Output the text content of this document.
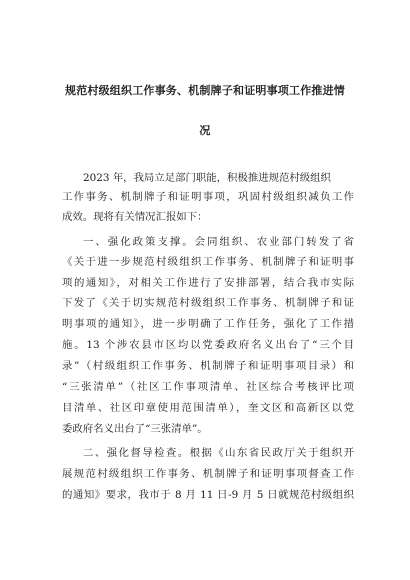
规范村级组织工作事务、机制牌子和证明事项工作推进情
况
2023 年，我局立足部门职能，积极推进规范村级组织
工作事务、机制牌子和证明事项，巩固村级组织减负工作
成效。现将有关情况汇报如下：
一、强化政策支撑。会同组织、农业部门转发了省
《关于进一步规范村级组织工作事务、机制牌子和证明事
项的通知》，对相关工作进行了安排部署，结合我市实际
下发了《关于切实规范村级组织工作事务、机制牌子和证
明事项的通知》，进一步明确了工作任务，强化了工作措
施。13 个涉农县市区均以党委政府名义出台了“三个目
录”（村级组织工作事务、机制牌子和证明事项目录）和
“三张清单”（社区工作事项清单、社区综合考核评比项
目清单、社区印章使用范围清单），奎文区和高新区以党
委政府名义出台了“三张清单”。
二、强化督导检查。根据《山东省民政厅关于组织开
展规范村级组织工作事务、机制牌子和证明事项督查工作
的通知》要求，我市于 8 月 11 日-9 月 5 日就规范村级组织
